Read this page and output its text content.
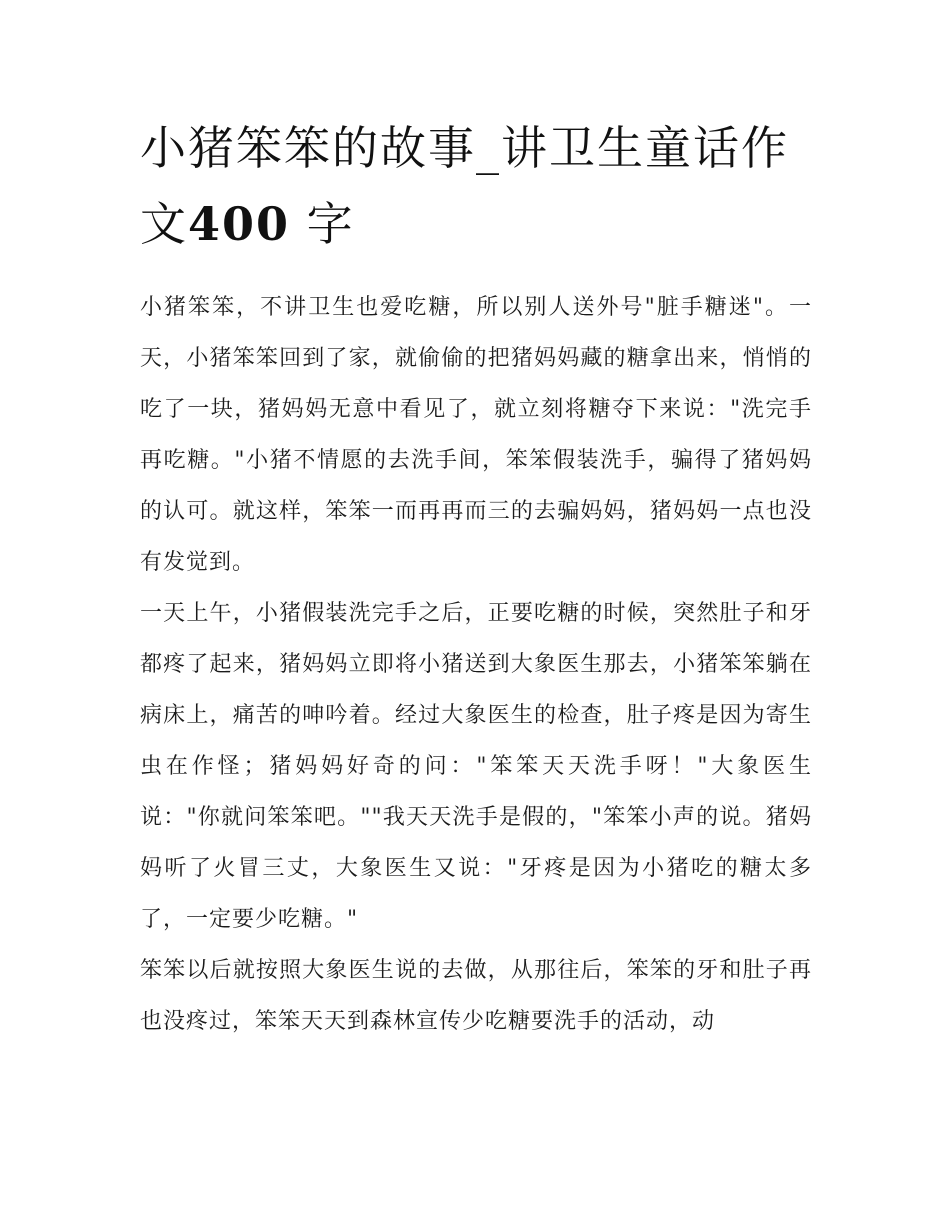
小猪笨笨的故事_讲卫生童话作文400 字

小猪笨笨，不讲卫生也爱吃糖，所以别人送外号"脏手糖迷"。一天，小猪笨笨回到了家，就偷偷的把猪妈妈藏的糖拿出来，悄悄的吃了一块，猪妈妈无意中看见了，就立刻将糖夺下来说："洗完手再吃糖。"小猪不情愿的去洗手间，笨笨假装洗手，骗得了猪妈妈的认可。就这样，笨笨一而再再而三的去骗妈妈，猪妈妈一点也没有发觉到。

一天上午，小猪假装洗完手之后，正要吃糖的时候，突然肚子和牙都疼了起来，猪妈妈立即将小猪送到大象医生那去，小猪笨笨躺在病床上，痛苦的呻吟着。经过大象医生的检查，肚子疼是因为寄生虫在作怪；猪妈妈好奇的问："笨笨天天洗手呀！"大象医生说："你就问笨笨吧。""我天天洗手是假的，"笨笨小声的说。猪妈妈听了火冒三丈，大象医生又说："牙疼是因为小猪吃的糖太多了，一定要少吃糖。"

笨笨以后就按照大象医生说的去做，从那往后，笨笨的牙和肚子再也没疼过，笨笨天天到森林宣传少吃糖要洗手的活动，动
